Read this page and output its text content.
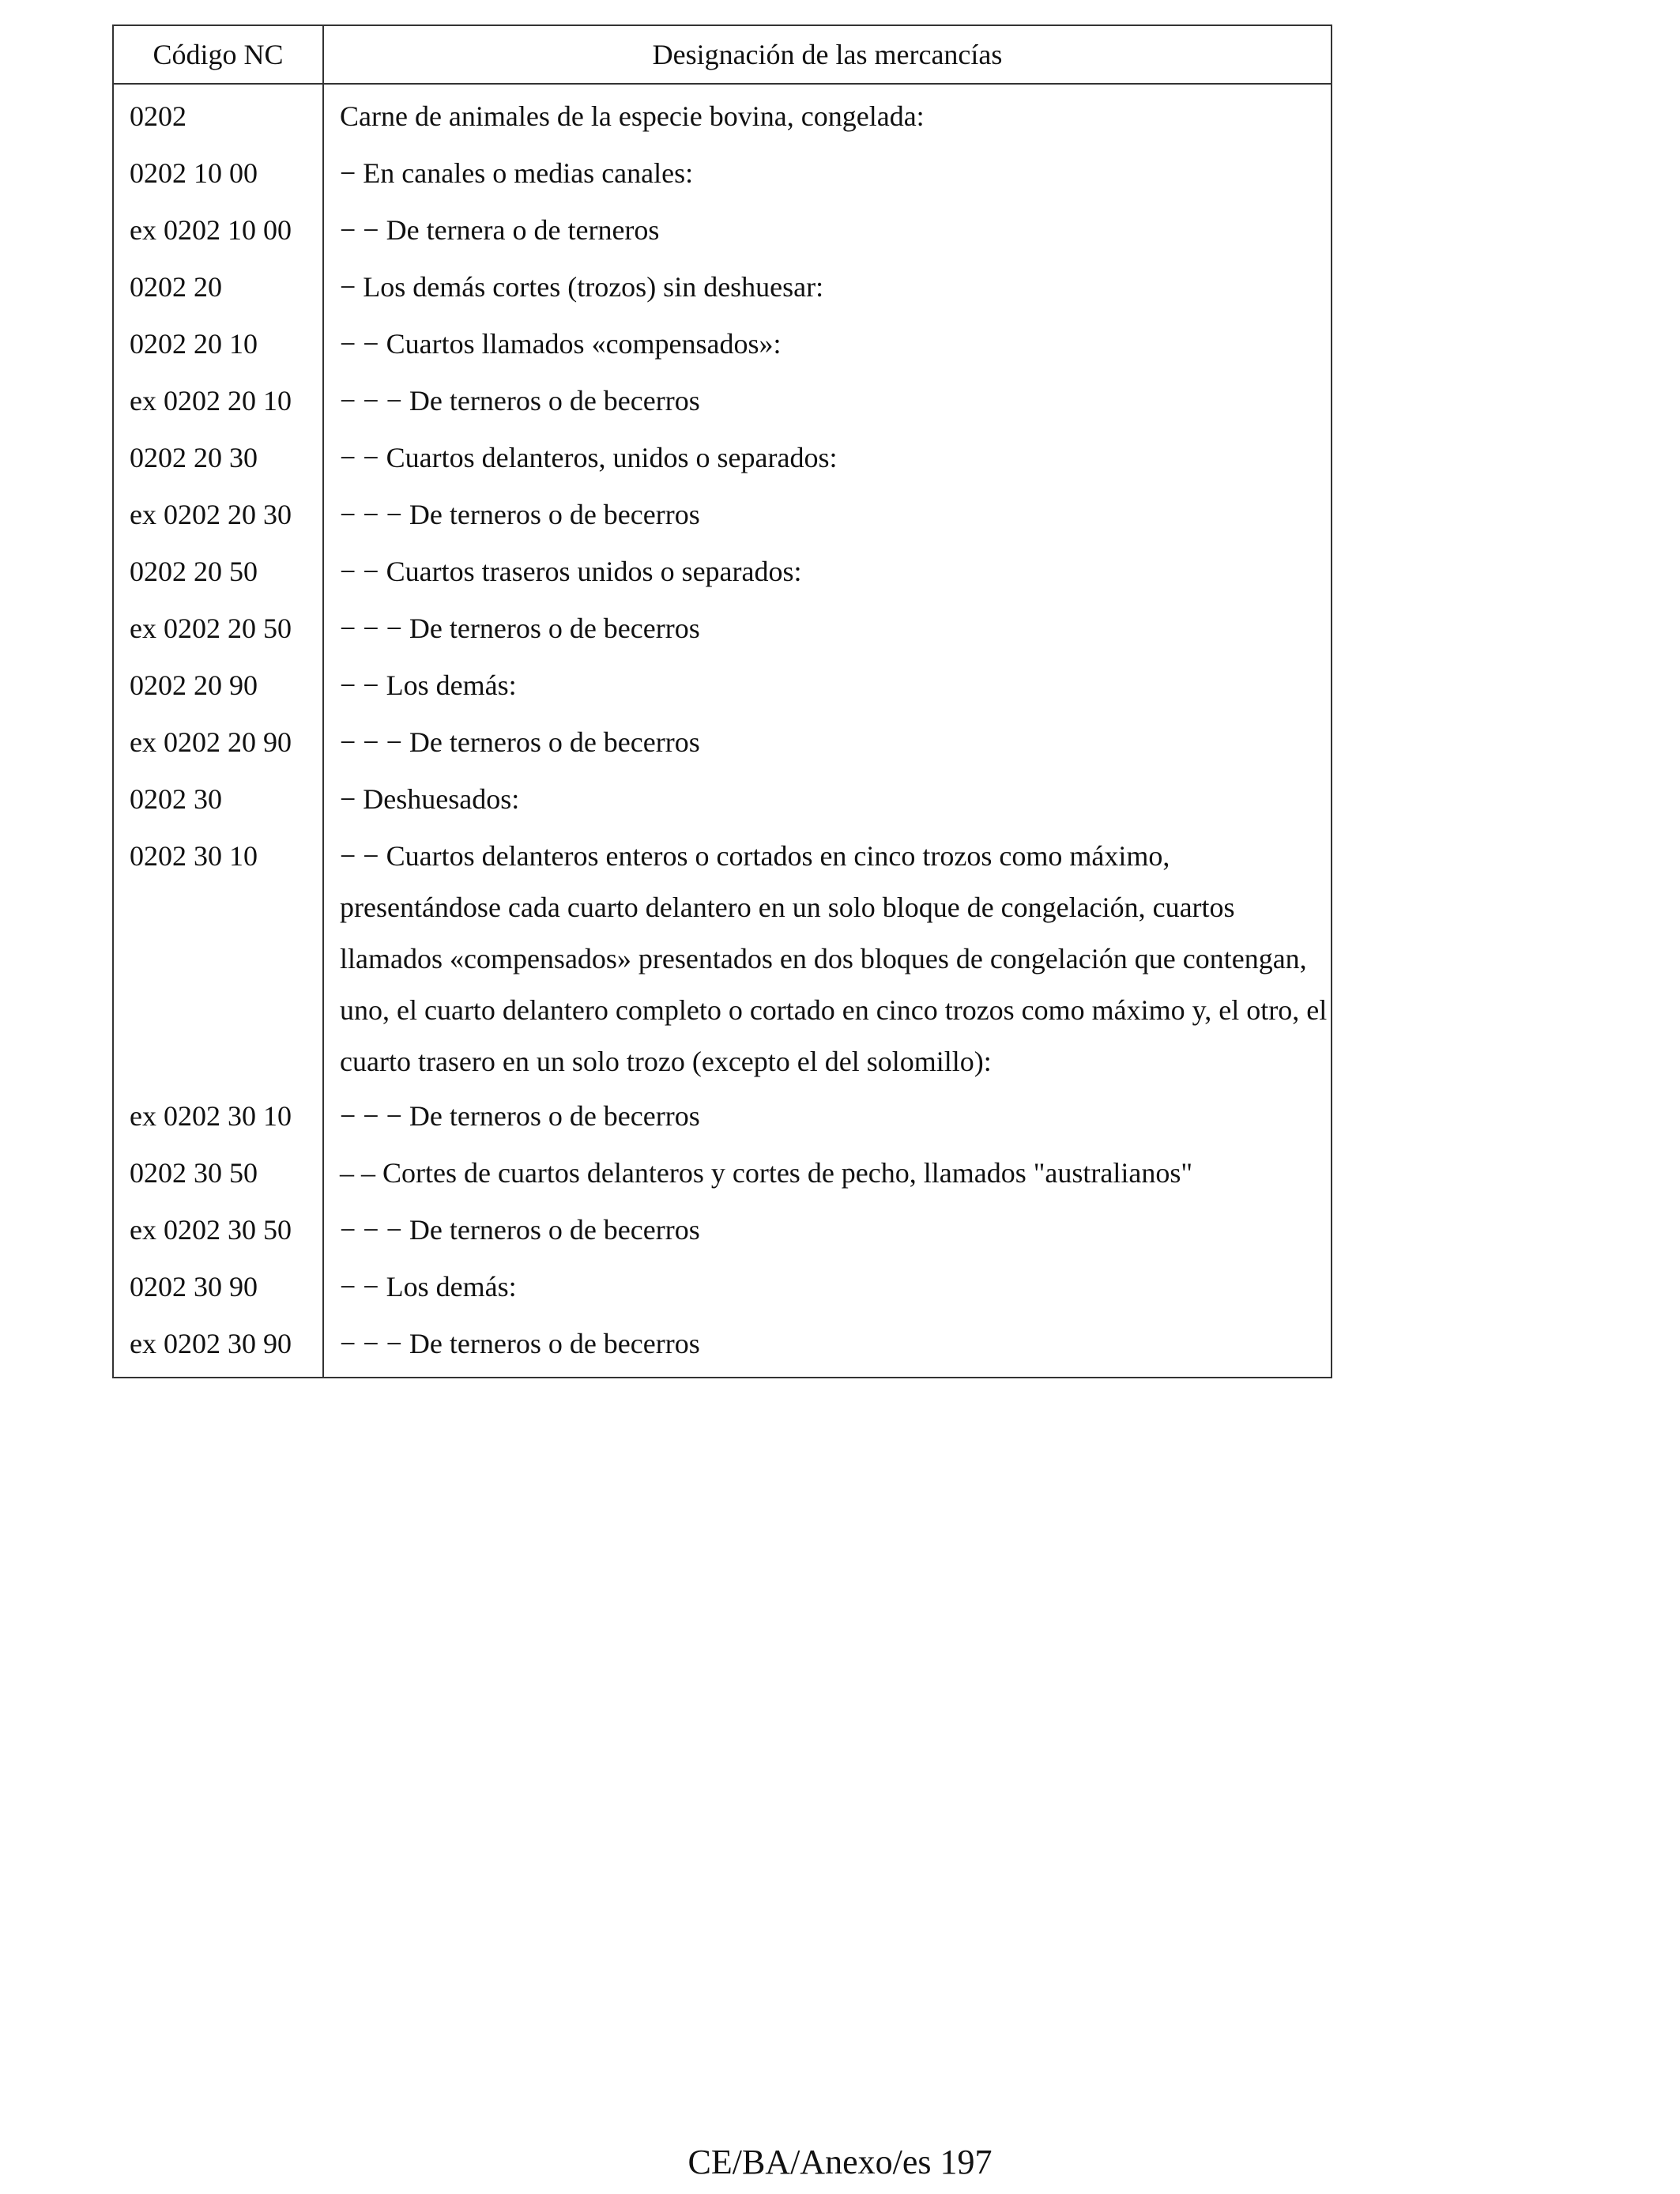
Código NC	Designación de las mercancías
0202	Carne de animales de la especie bovina, congelada:
0202 10 00	− En canales o medias canales:
ex 0202 10 00	− − De ternera o de terneros
0202 20	− Los demás cortes (trozos) sin deshuesar:
0202 20 10	− − Cuartos llamados «compensados»:
ex 0202 20 10	− − − De terneros o de becerros
0202 20 30	− − Cuartos delanteros, unidos o separados:
ex 0202 20 30	− − − De terneros o de becerros
0202 20 50	− − Cuartos traseros unidos o separados:
ex 0202 20 50	− − − De terneros o de becerros
0202 20 90	− − Los demás:
ex 0202 20 90	− − − De terneros o de becerros
0202 30	− Deshuesados:
0202 30 10	− − Cuartos delanteros enteros o cortados en cinco trozos como máximo, presentándose cada cuarto delantero en un solo bloque de congelación, cuartos llamados «compensados» presentados en dos bloques de congelación que contengan, uno, el cuarto delantero completo o cortado en cinco trozos como máximo y, el otro, el cuarto trasero en un solo trozo (excepto el del solomillo):
ex 0202 30 10	− − − De terneros o de becerros
0202 30 50	– – Cortes de cuartos delanteros y cortes de pecho, llamados "australianos"
ex 0202 30 50	− − − De terneros o de becerros
0202 30 90	− − Los demás:
ex 0202 30 90	− − − De terneros o de becerros
CE/BA/Anexo/es 197
